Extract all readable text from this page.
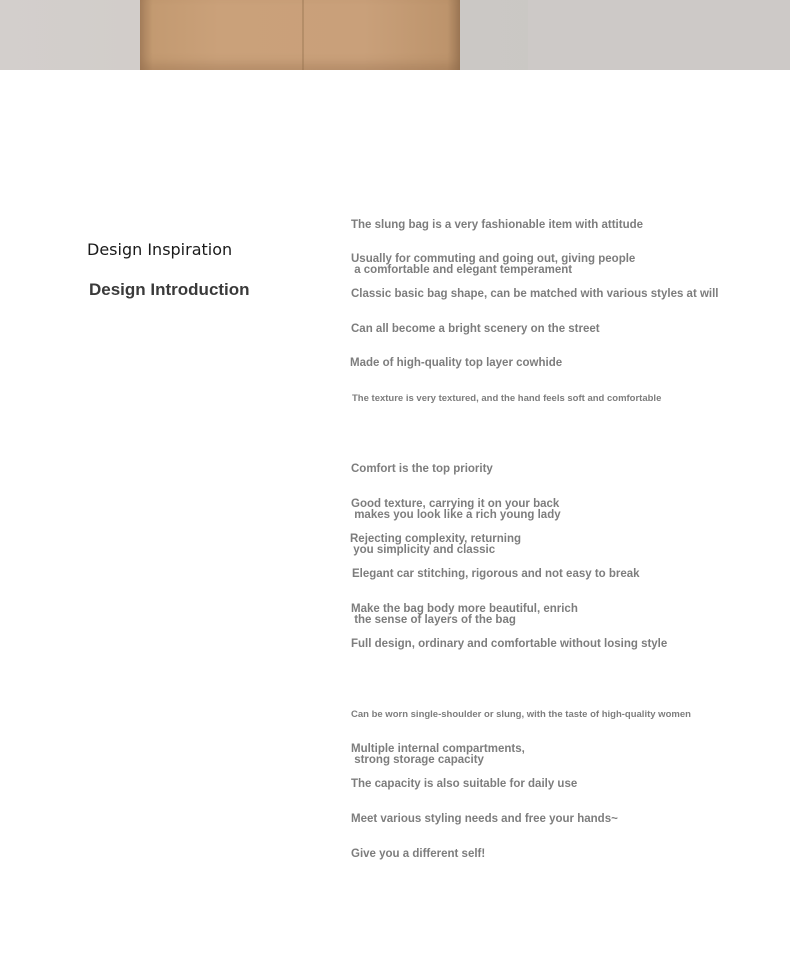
Design Inspiration
Design Introduction

The slung bag is a very fashionable item with attitude

Usually for commuting and going out, giving people
a comfortable and elegant temperament

Classic basic bag shape, can be matched with various styles at will

Can all become a bright scenery on the street

Made of high-quality top layer cowhide

The texture is very textured, and the hand feels soft and comfortable

Comfort is the top priority

Good texture, carrying it on your back
makes you look like a rich young lady

Rejecting complexity, returning
you simplicity and classic

Elegant car stitching, rigorous and not easy to break

Make the bag body more beautiful, enrich
the sense of layers of the bag

Full design, ordinary and comfortable without losing style

Can be worn single-shoulder or slung, with the taste of high-quality women

Multiple internal compartments,
strong storage capacity

The capacity is also suitable for daily use

Meet various styling needs and free your hands~

Give you a different self!
